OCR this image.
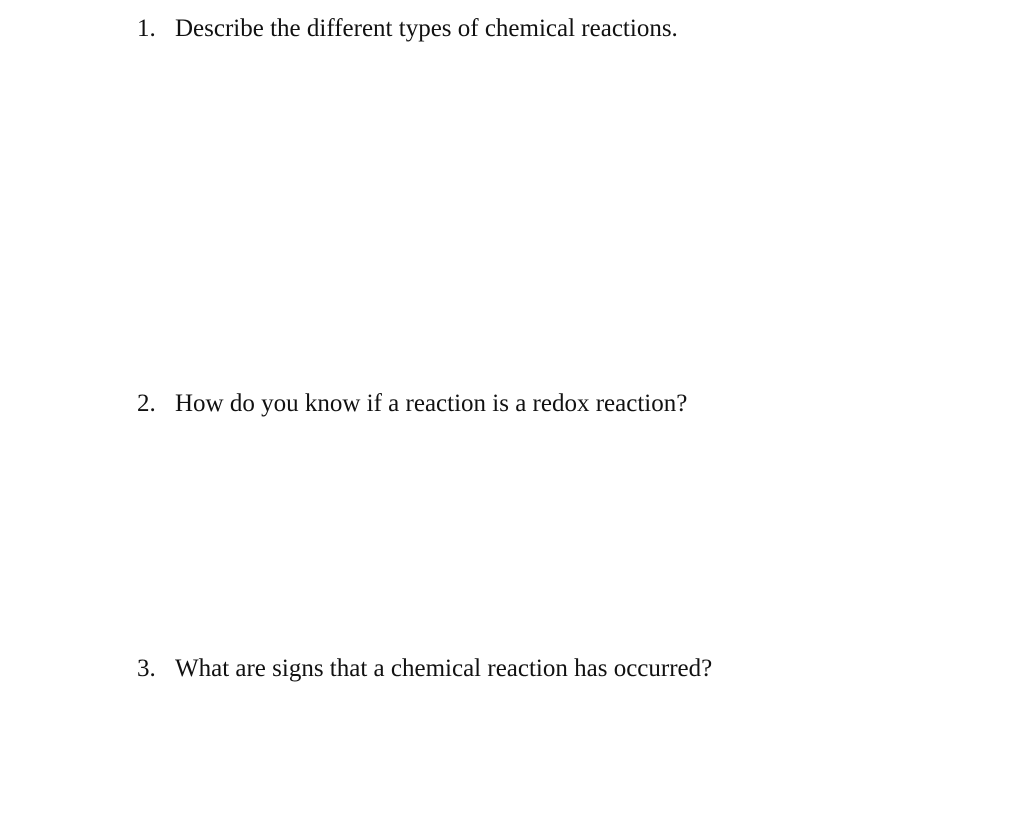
1. Describe the different types of chemical reactions.
2. How do you know if a reaction is a redox reaction?
3. What are signs that a chemical reaction has occurred?
